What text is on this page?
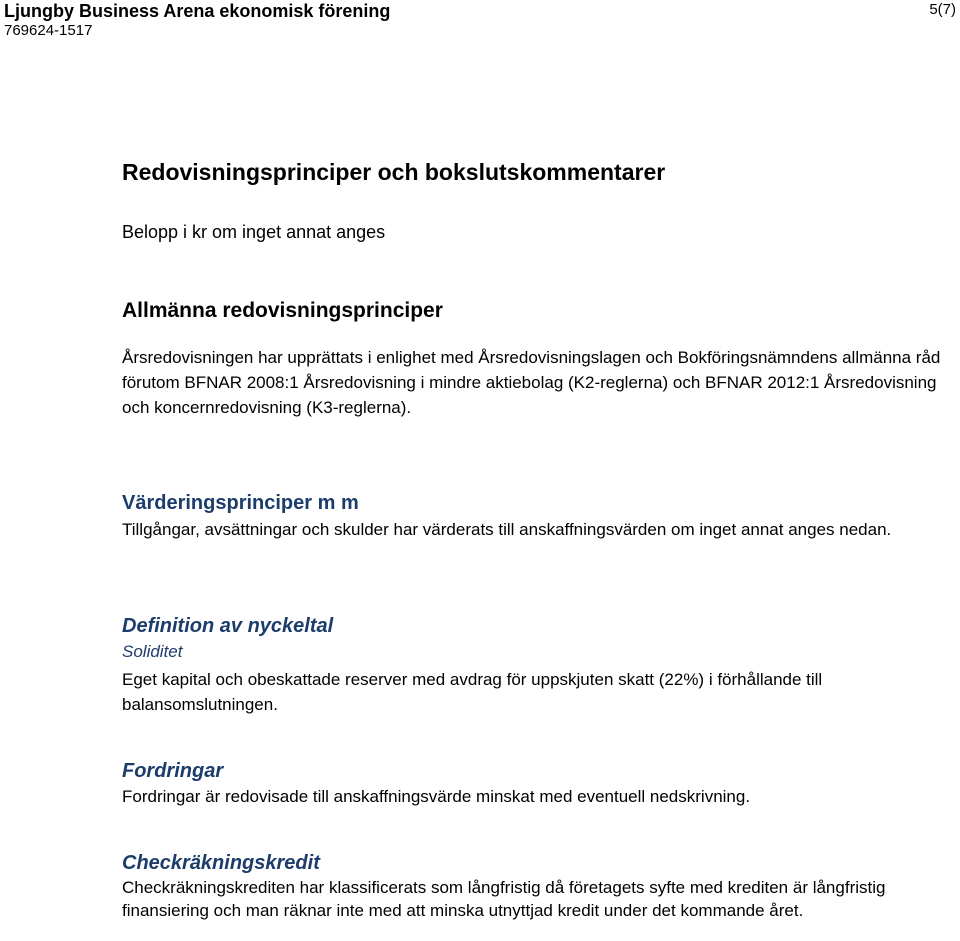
Ljungby Business Arena ekonomisk förening
769624-1517
5(7)
Redovisningsprinciper och bokslutskommentarer
Belopp i kr om inget annat anges
Allmänna redovisningsprinciper
Årsredovisningen har upprättats i enlighet med Årsredovisningslagen och Bokföringsnämndens allmänna råd förutom BFNAR 2008:1 Årsredovisning i mindre aktiebolag (K2-reglerna) och BFNAR 2012:1 Årsredovisning och koncernredovisning (K3-reglerna).
Värderingsprinciper m m
Tillgångar, avsättningar och skulder har värderats till anskaffningsvärden om inget annat anges nedan.
Definition av nyckeltal
Soliditet
Eget kapital och obeskattade reserver med avdrag för uppskjuten skatt (22%) i förhållande till balansomslutningen.
Fordringar
Fordringar är redovisade till anskaffningsvärde minskat med eventuell nedskrivning.
Checkräkningskredit
Checkräkningskrediten har klassificerats som långfristig då företagets syfte med krediten är långfristig finansiering och man räknar inte med att minska utnyttjad kredit under det kommande året.
